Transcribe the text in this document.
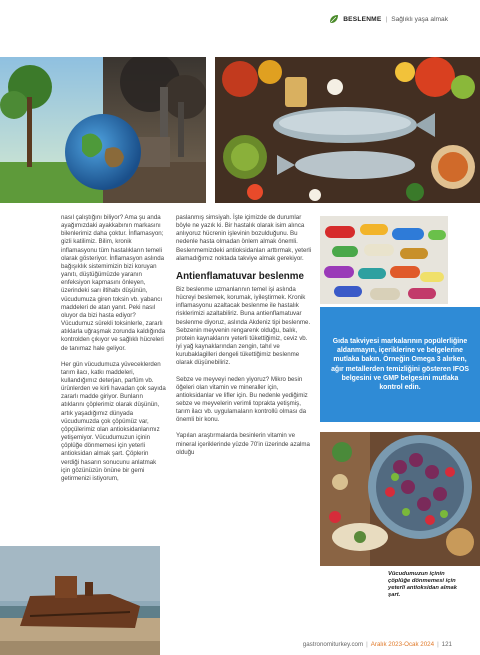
BESLENME | Sağlıklı yaşa almak

nasıl çalıştığını biliyor? Ama şu anda ayağımızdaki ayakkabının markasını bilenlerimiz daha çoktur. İnflamasyon; gizli katilimiz. Bilim, kronik inflamasyonu tüm hastalıkların temeli olarak gösteriyor. İnflamasyon aslında bağışıklık sistemimizin bizi koruyan yanıtı, düştüğümüzde yaranın enfeksiyon kapmasını önleyen, üzerindeki sarı iltihabı düşünün, vücudumuza giren toksin vb. yabancı maddeleri de atan yanıt. Peki nasıl oluyor da bizi hasta ediyor? Vücudumuz sürekli toksinlerle, zararlı atıklarla uğraşmak zorunda kaldığında kontrolden çıkıyor ve sağlıklı hücreleri de tanımaz hale geliyor.

Her gün vücudumuza yüveceklerden tarım ilacı, katkı maddeleri, kullandığımız deterjan, parfüm vb. ürünlerden ve kirli havadan çok sayıda zararlı madde giriyor. Bunların atıklarını çöplerimiz olarak düşünün, artık yaşadığımız dünyada vücudumuzda çok çöpümüz var, çöpçülerimiz olan antioksidanlarımız yetişemiyor. Vücudumuzun içinin çöplüğe dönmemesi için yeterli antioksidan almak şart. Çöplerin verdiği hasarın sonucunu anlatmak için gözünüzün önüne bir gemi getirmenizi istiyorum,

paslanmış simsiyah. İşte içimizde de durumlar böyle ne yazık ki. Bir hastalık olarak isim alınca anlıyoruz hücrenin işlevinin bozulduğunu. Bu nedenle hasta olmadan önlem almak önemli. Beslenmemizdeki antioksidanları arttırmak, yeterli alamadığımız noktada takviye almak gerekiyor.

Antienflamatuvar beslenme

Biz beslenme uzmanlarının temel işi aslında hücreyi beslemek, korumak, iyileştirmek. Kronik inflamasyonu azaltacak beslenme ile hastalık risklerimizi azaltabiliriz. Buna antienflamatuvar beslenme diyoruz, aslında Akdeniz tipi beslenme. Sebzenin meyvenin rengarenk olduğu, balık, protein kaynaklarını yeterli tükettiğimiz, ceviz vb. iyi yağ kaynaklarından zengin, tahıl ve kurubaklagilleri dengeli tükettiğimiz beslenme olarak düşünebiliriz.

Sebze ve meyveyi neden yiyoruz? Mikro besin öğeleri olan vitamin ve mineraller için, antioksidanlar ve lifler için. Bu nedenle yediğimiz sebze ve meyvelerin verimli toprakta yetişmiş, tarım ilacı vb. uygulamaların kontrollü olması da önemli bir konu.

Yapılan araştırmalarda besinlerin vitamin ve mineral içeriklerinde yüzde 70'in üzerinde azalma olduğu

Gıda takviyesi markalarının popülerliğine aldanmayın, içeriklerine ve belgelerine mutlaka bakın. Örneğin Omega 3 alırken, ağır metallerden temizliğini gösteren IFOS belgesini ve GMP belgesini mutlaka kontrol edin.
Vücudumuzun içinin çöplüğe dönmemesi için yeterli antioksidan almak şart.
gastronomiturkey.com | Aralık 2023-Ocak 2024 | 121
